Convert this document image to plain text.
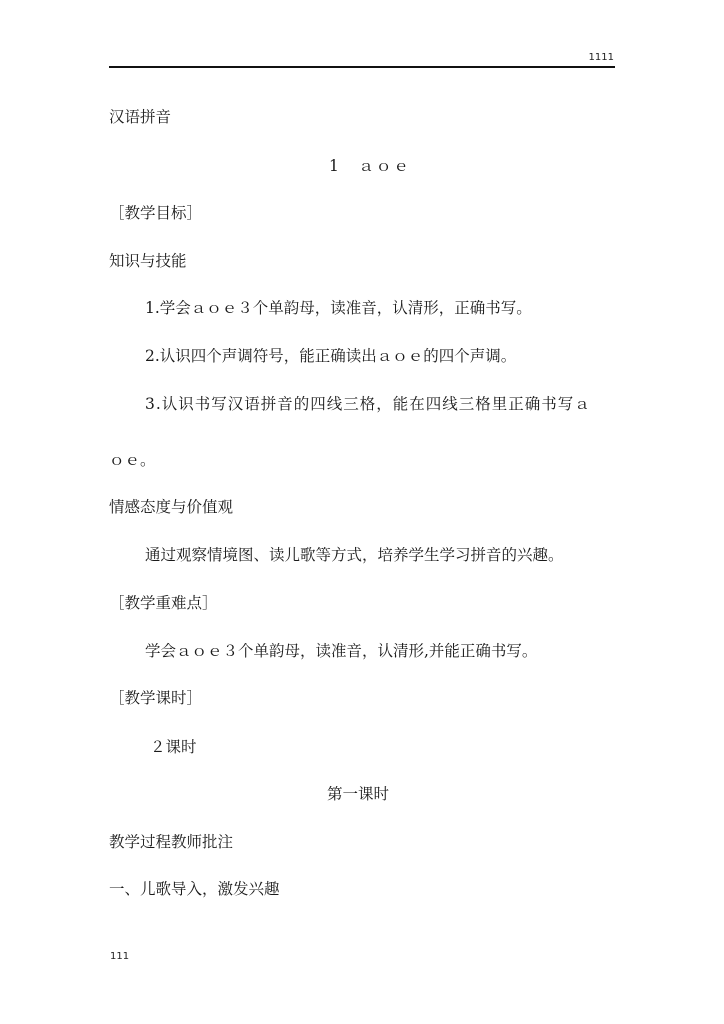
1111
汉语拼音
1　ａｏｅ
［教学目标］
知识与技能
1.学会ａｏｅ３个单韵母，读准音，认清形，正确书写。
2.认识四个声调符号，能正确读出ａｏｅ的四个声调。
3.认识书写汉语拼音的四线三格，能在四线三格里正确书写ａ
ｏｅ。
情感态度与价值观
通过观察情境图、读儿歌等方式，培养学生学习拼音的兴趣。
［教学重难点］
学会ａｏｅ３个单韵母，读准音，认清形,并能正确书写。
［教学课时］
２课时
第一课时
教学过程教师批注
一、儿歌导入，激发兴趣
111
